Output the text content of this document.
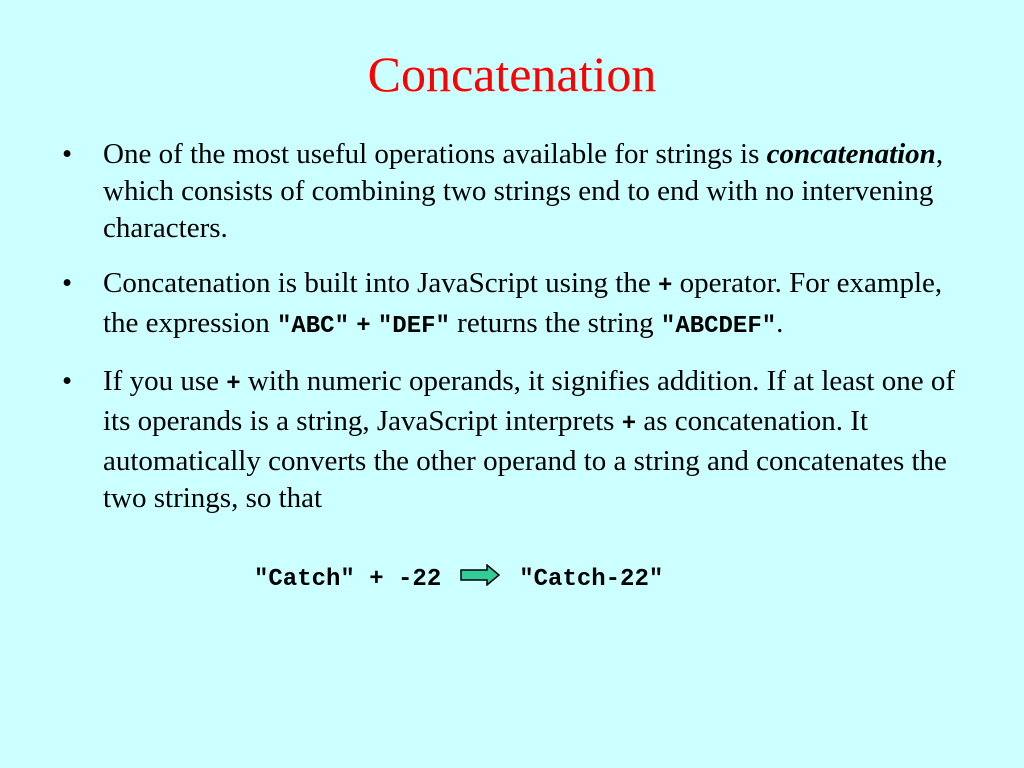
Concatenation
•	One of the most useful operations available for strings is concatenation, which consists of combining two strings end to end with no intervening characters.
•	Concatenation is built into JavaScript using the + operator. For example, the expression "ABC" + "DEF" returns the string "ABCDEF".
•	If you use + with numeric operands, it signifies addition. If at least one of its operands is a string, JavaScript interprets + as concatenation. It automatically converts the other operand to a string and concatenates the two strings, so that
"Catch" + -22	"Catch-22"
